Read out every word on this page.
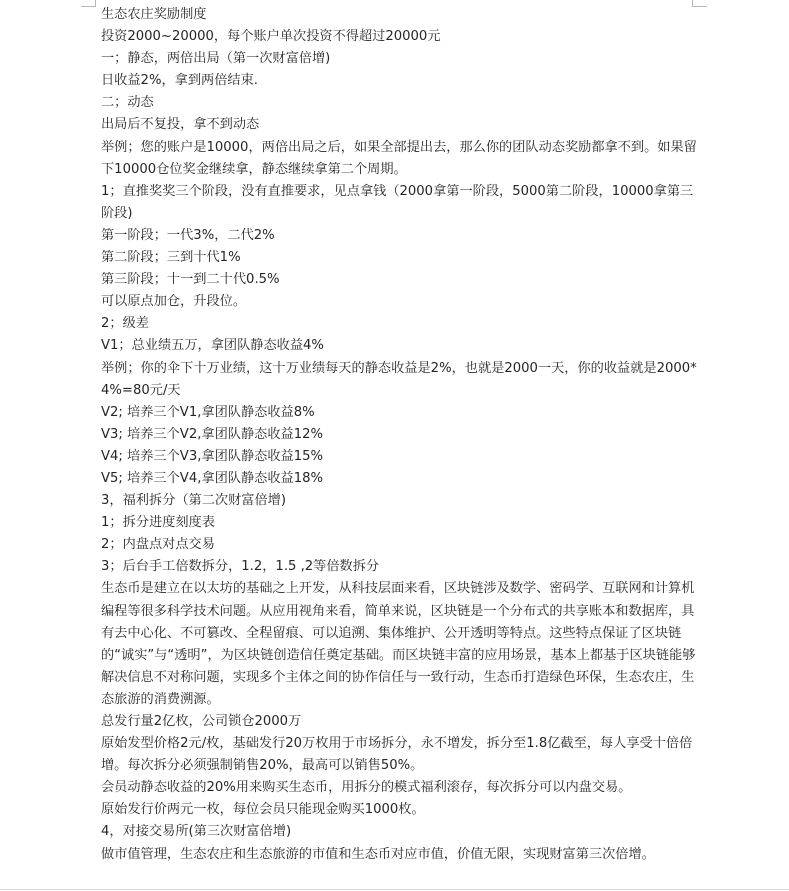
生态农庄奖励制度

投资2000~20000，每个账户单次投资不得超过20000元

一；静态，两倍出局（第一次财富倍增)

日收益2%，拿到两倍结束.

二；动态

出局后不复投，拿不到动态

举例；您的账户是10000，两倍出局之后，如果全部提出去，那么你的团队动态奖励都拿不到。如果留下10000仓位奖金继续拿，静态继续拿第二个周期。

1；直推奖奖三个阶段，没有直推要求，见点拿钱（2000拿第一阶段，5000第二阶段，10000拿第三阶段)

第一阶段；一代3%，二代2%

第二阶段；三到十代1%

第三阶段；十一到二十代0.5%

可以原点加仓，升段位。

2；级差

V1；总业绩五万，拿团队静态收益4%

举例；你的伞下十万业绩，这十万业绩每天的静态收益是2%，也就是2000一天，你的收益就是2000*4%=80元/天

V2; 培养三个V1,拿团队静态收益8%

V3; 培养三个V2,拿团队静态收益12%

V4; 培养三个V3,拿团队静态收益15%

V5; 培养三个V4,拿团队静态收益18%

3，福利拆分（第二次财富倍增)

1；拆分进度刻度表

2；内盘点对点交易

3；后台手工倍数拆分，1.2，1.5 ,2等倍数拆分

生态币是建立在以太坊的基础之上开发，从科技层面来看，区块链涉及数学、密码学、互联网和计算机编程等很多科学技术问题。从应用视角来看，简单来说，区块链是一个分布式的共享账本和数据库，具有去中心化、不可篡改、全程留痕、可以追溯、集体维护、公开透明等特点。这些特点保证了区块链的“诚实”与“透明”，为区块链创造信任奠定基础。而区块链丰富的应用场景，基本上都基于区块链能够解决信息不对称问题，实现多个主体之间的协作信任与一致行动，生态币打造绿色环保，生态农庄，生态旅游的消费溯源。

总发行量2亿枚，公司锁仓2000万

原始发型价格2元/枚，基础发行20万枚用于市场拆分，永不增发，拆分至1.8亿截至，每人享受十倍倍增。每次拆分必须强制销售20%，最高可以销售50%。

会员动静态收益的20%用来购买生态币，用拆分的模式福利滚存，每次拆分可以内盘交易。

原始发行价两元一枚，每位会员只能现金购买1000枚。

4，对接交易所(第三次财富倍增)

做市值管理，生态农庄和生态旅游的市值和生态币对应市值，价值无限，实现财富第三次倍增。
